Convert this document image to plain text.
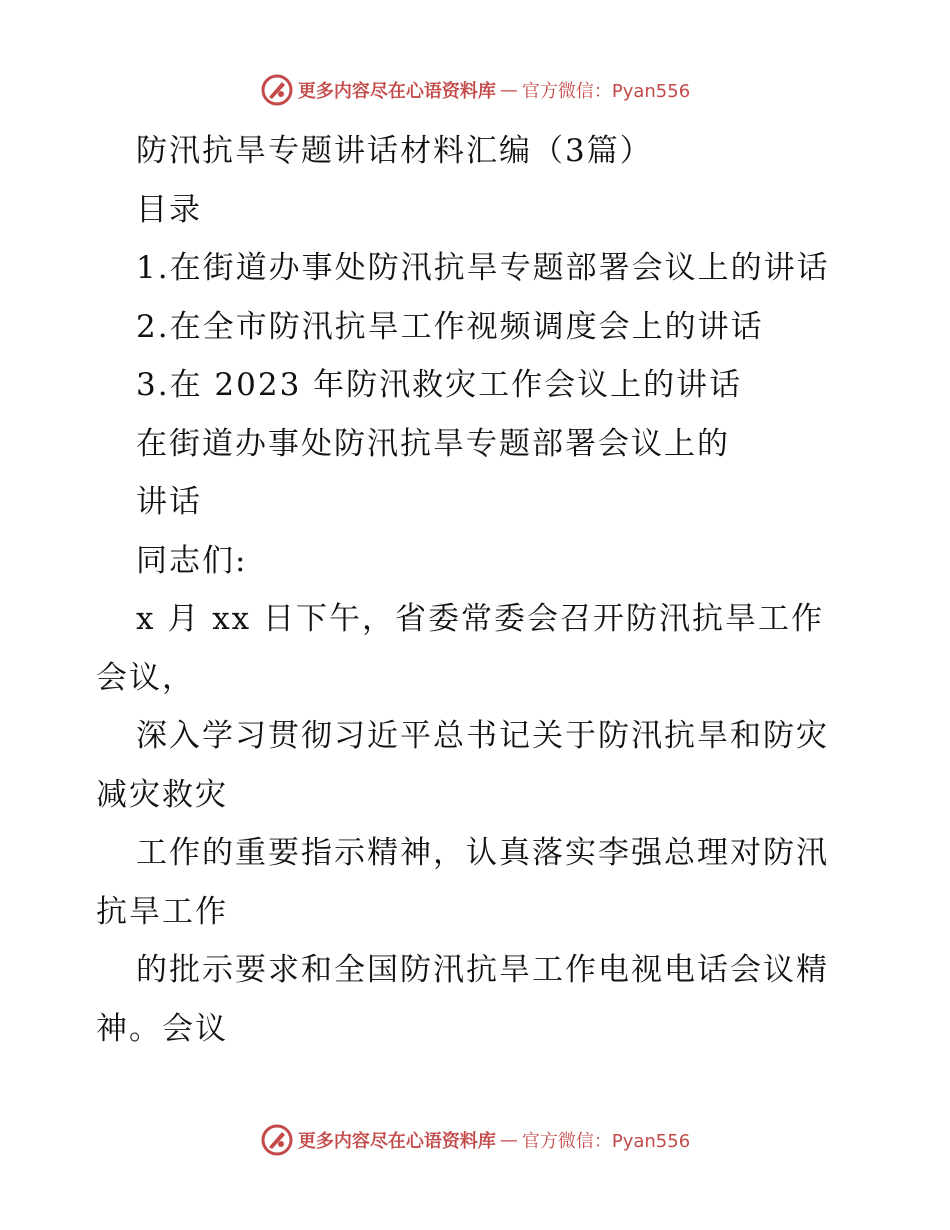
更多内容尽在心语资料库 — 官方微信：Pyan556
防汛抗旱专题讲话材料汇编（3篇）
目录
1.在街道办事处防汛抗旱专题部署会议上的讲话
2.在全市防汛抗旱工作视频调度会上的讲话
3.在 2023 年防汛救灾工作会议上的讲话
在街道办事处防汛抗旱专题部署会议上的
讲话
同志们:
x 月 xx 日下午，省委常委会召开防汛抗旱工作
会议，
深入学习贯彻习近平总书记关于防汛抗旱和防灾
减灾救灾
工作的重要指示精神，认真落实李强总理对防汛
抗旱工作
的批示要求和全国防汛抗旱工作电视电话会议精
神。会议
更多内容尽在心语资料库 — 官方微信：Pyan556
